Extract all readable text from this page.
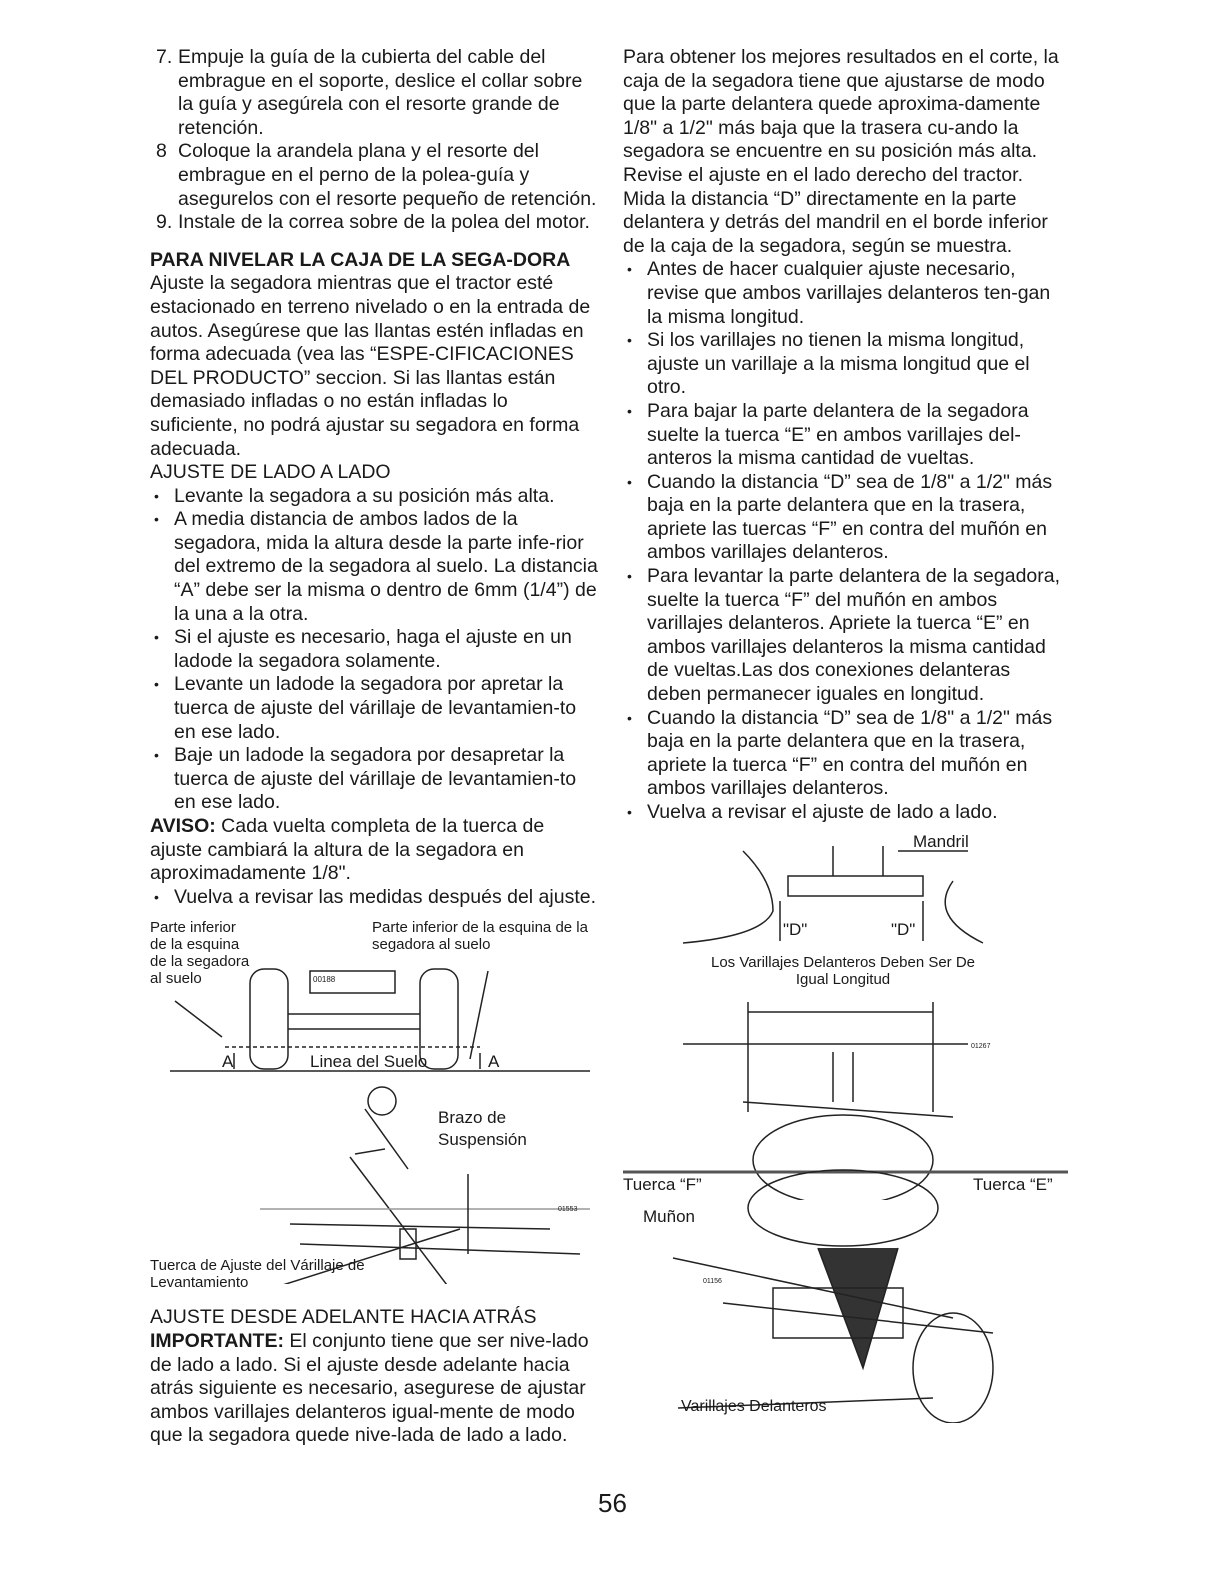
7. Empuje la guía de la cubierta del cable del embrague en el soporte, deslice el collar sobre la guía y asegúrela con el resorte grande de retención.
8 Coloque la arandela plana y el resorte del embrague en el perno de la polea-guía y asegurelos con el resorte pequeño de retención.
9. Instale de la correa sobre de la polea del motor.
PARA NIVELAR LA CAJA DE LA SEGA-DORA

Ajuste la segadora mientras que el tractor esté estacionado en terreno nivelado o en la entrada de autos. Asegúrese que las llantas estén infladas en forma adecuada (vea las “ESPE-CIFICACIONES DEL PRODUCTO” seccion. Si las llantas están demasiado infladas o no están infladas lo suficiente, no podrá ajustar su segadora en forma adecuada.

AJUSTE DE LADO A LADO

• Levante la segadora a su posición más alta.
• A media distancia de ambos lados de la segadora, mida la altura desde la parte infe-rior del extremo de la segadora al suelo. La distancia “A” debe ser la misma o dentro de 6mm (1/4”) de la una a la otra.
• Si el ajuste es necesario, haga el ajuste en un ladode la segadora solamente.
• Levante un ladode la segadora por apretar la tuerca de ajuste del várillaje de levantamien-to en ese lado.
• Baje un ladode la segadora por desapretar la tuerca de ajuste del várillaje de levantamien-to en ese lado.

AVISO: Cada vuelta completa de la tuerca de ajuste cambiará la altura de la segadora en aproximadamente 1/8".

• Vuelva a revisar las medidas después del ajuste.
Parte inferior de la esquina de la segadora al suelo
Parte inferior de la esquina de la segadora al suelo
00188
A	Linea del Suelo	A
Brazo de Suspensión
01553
Tuerca de Ajuste del Várillaje de Levantamiento

AJUSTE DESDE ADELANTE HACIA ATRÁS

IMPORTANTE: El conjunto tiene que ser nive-lado de lado a lado. Si el ajuste desde adelante hacia atrás siguiente es necesario, asegurese de ajustar ambos varillajes delanteros igual-mente de modo que la segadora quede nive-lada de lado a lado.

Para obtener los mejores resultados en el corte, la caja de la segadora tiene que ajustarse de modo que la parte delantera quede aproxima-damente 1/8" a 1/2" más baja que la trasera cu-ando la segadora se encuentre en su posición más alta.

Revise el ajuste en el lado derecho del tractor. Mida la distancia “D” directamente en la parte delantera y detrás del mandril en el borde inferior de la caja de la segadora, según se muestra.

• Antes de hacer cualquier ajuste necesario, revise que ambos varillajes delanteros ten-gan la misma longitud.
• Si los varillajes no tienen la misma longitud, ajuste un varillaje a la misma longitud que el otro.
• Para bajar la parte delantera de la segadora suelte la tuerca “E” en ambos varillajes del-anteros la misma cantidad de vueltas.
• Cuando la distancia “D” sea de 1/8" a 1/2" más baja en la parte delantera que en la trasera, apriete las tuercas “F” en contra del muñón en ambos varillajes delanteros.
• Para levantar la parte delantera de la segadora, suelte la tuerca “F” del muñón en ambos varillajes delanteros. Apriete la tuerca “E” en ambos varillajes delanteros la misma cantidad de vueltas.Las dos conexiones delanteras deben permanecer iguales en longitud.
• Cuando la distancia “D” sea de 1/8" a 1/2" más baja en la parte delantera que en la trasera, apriete la tuerca “F” en contra del muñón en ambos varillajes delanteros.
• Vuelva a revisar el ajuste de lado a lado.
Mandril
"D"	"D"
Los Varillajes Delanteros Deben Ser De Igual Longitud
01267
Tuerca “F”	Tuerca “E”
Muñon
01156
Varillajes Delanteros
56
